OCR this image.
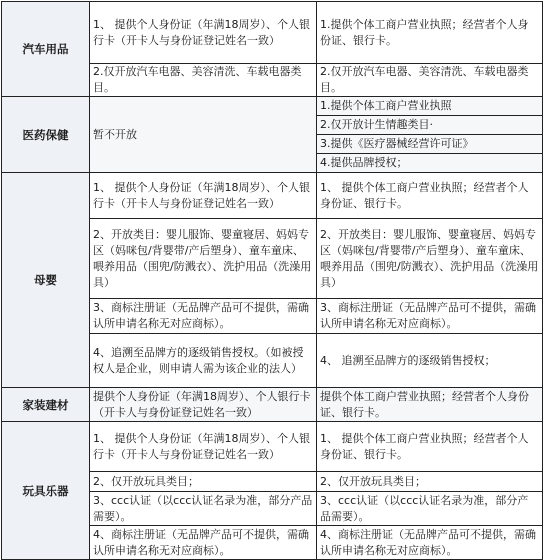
汽车用品	1、 提供个人身份证（年满18周岁）、个人银行卡（开卡人与身份证登记姓名一致）	1.提供个体工商户营业执照；经营者个人身份证、银行卡。
	2.仅开放汽车电器、美容清洗、车载电器类目。	2.仅开放汽车电器、美容清洗、车载电器类目。
医药保健	暂不开放	1.提供个体工商户营业执照
		2.仅开放计生情趣类目·
		3.提供《医疗器械经营许可证》
		4.提供品牌授权；
母婴	1、 提供个人身份证（年满18周岁）、个人银行卡（开卡人与身份证登记姓名一致）	1、 提供个体工商户营业执照；经营者个人身份证、银行卡。
	2、开放类目：婴儿服饰、婴童寝居、妈妈专区（妈咪包/背婴带/产后塑身）、童车童床、喂养用品（围兜/防溅衣）、洗护用品（洗澡用具）	2、开放类目：婴儿服饰、婴童寝居、妈妈专区（妈咪包/背婴带/产后塑身）、童车童床、喂养用品（围兜/防溅衣）、洗护用品（洗澡用具）
	3、商标注册证（无品牌产品可不提供，需确认所申请名称无对应商标）。	3、商标注册证（无品牌产品可不提供，需确认所申请名称无对应商标）。
	4、追溯至品牌方的逐级销售授权。（如被授权人是企业，则申请人需为该企业的法人）	4、 追溯至品牌方的逐级销售授权；
家装建材	提供个人身份证（年满18周岁）、个人银行卡（开卡人与身份证登记姓名一致）	提供个体工商户营业执照；经营者个人身份证、银行卡。
玩具乐器	1、 提供个人身份证（年满18周岁）、个人银行卡（开卡人与身份证登记姓名一致）	1、 提供个体工商户营业执照；经营者个人身份证、银行卡。
	2、仅开放玩具类目；	2、仅开放玩具类目；
	3、ccc认证（以ccc认证名录为准，部分产品需要）。	3、ccc认证（以ccc认证名录为准，部分产品需要）。
	4、商标注册证（无品牌产品可不提供，需确认所申请名称无对应商标）。	4、商标注册证（无品牌产品可不提供，需确认所申请名称无对应商标）。
